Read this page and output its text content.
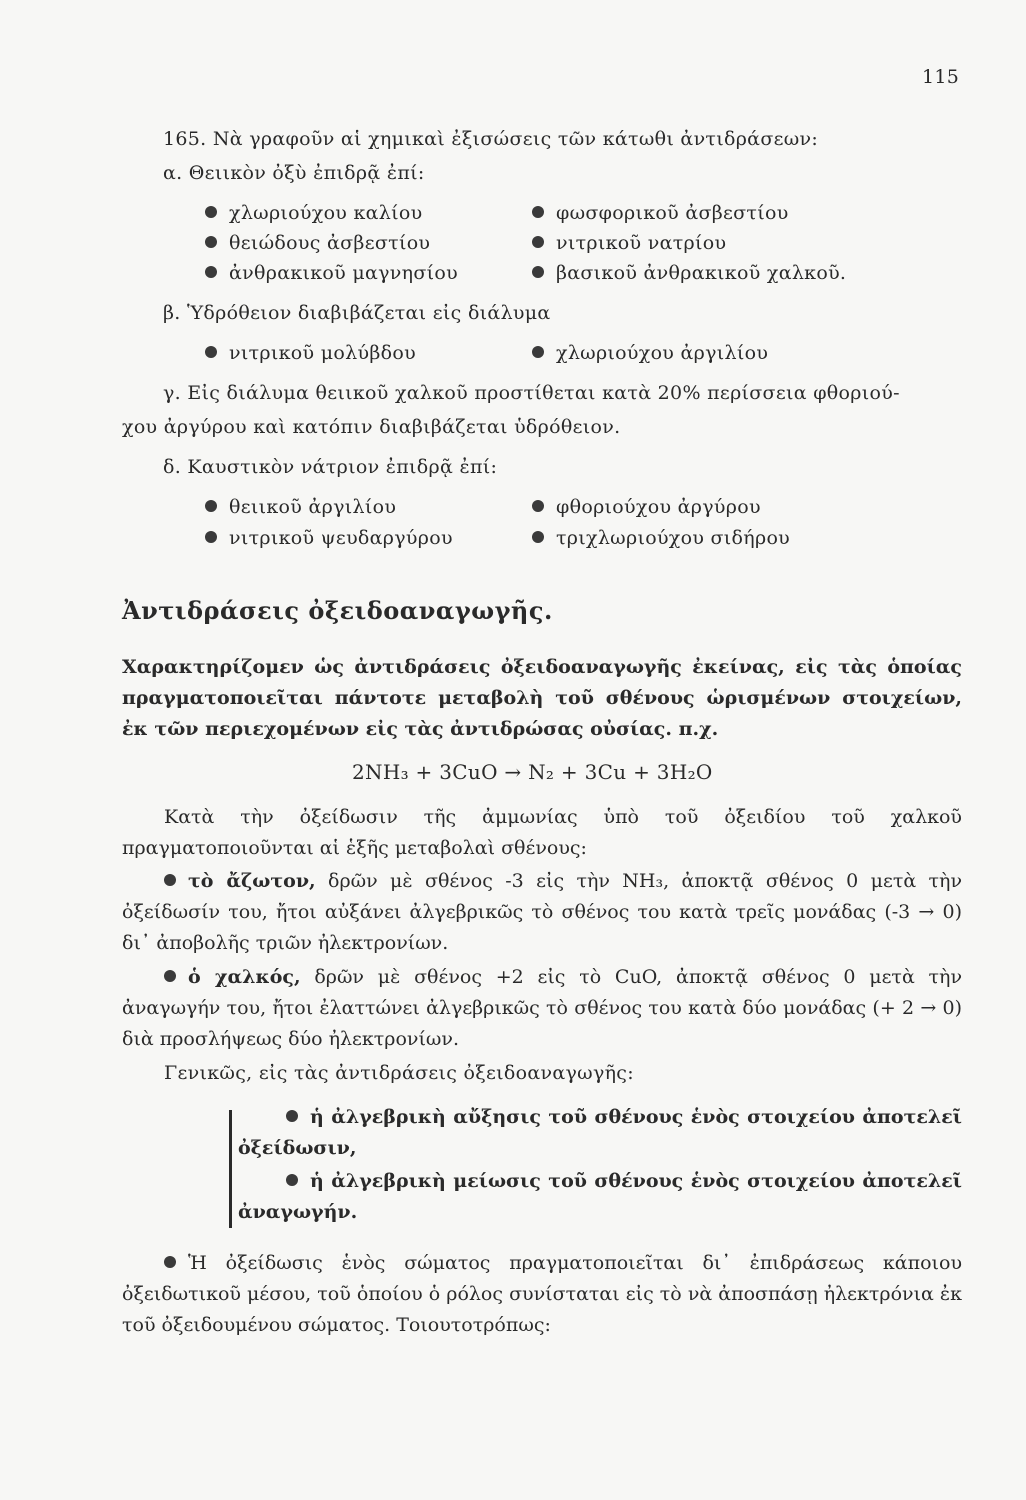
115
165. Νὰ γραφοῦν αἱ χημικαὶ ἐξισώσεις τῶν κάτωθι ἀντιδράσεων:
α. Θειικὸν ὀξὺ ἐπιδρᾷ ἐπί:
χλωριούχου καλίου
θειώδους ἀσβεστίου
ἀνθρακικοῦ μαγνησίου
φωσφορικοῦ ἀσβεστίου
νιτρικοῦ νατρίου
βασικοῦ ἀνθρακικοῦ χαλκοῦ.
β. Ὑδρόθειον διαβιβάζεται εἰς διάλυμα
νιτρικοῦ μολύβδου	χλωριούχου ἀργιλίου
γ. Εἰς διάλυμα θειικοῦ χαλκοῦ προστίθεται κατὰ 20% περίσσεια φθοριού-
χου ἀργύρου καὶ κατόπιν διαβιβάζεται ὑδρόθειον.
δ. Καυστικὸν νάτριον ἐπιδρᾷ ἐπί:
θειικοῦ ἀργιλίου
νιτρικοῦ ψευδαργύρου
φθοριούχου ἀργύρου
τριχλωριούχου σιδήρου
Ἀντιδράσεις ὀξειδοαναγωγῆς.
Χαρακτηρίζομεν ὡς ἀντιδράσεις ὀξειδοαναγωγῆς ἐκείνας, εἰς τὰς ὁποίας πραγματοποιεῖται πάντοτε μεταβολὴ τοῦ σθένους ὡρισμένων στοιχείων, ἐκ τῶν περιεχομένων εἰς τὰς ἀντιδρώσας οὐσίας. π.χ.
2NH₃ + 3CuO → N₂ + 3Cu + 3H₂O
Κατὰ τὴν ὀξείδωσιν τῆς ἀμμωνίας ὑπὸ τοῦ ὀξειδίου τοῦ χαλκοῦ πραγματοποιοῦνται αἱ ἑξῆς μεταβολαὶ σθένους:
τὸ ἄζωτον, δρῶν μὲ σθένος -3 εἰς τὴν NH₃, ἀποκτᾷ σθένος 0 μετὰ τὴν ὀξείδωσίν του, ἤτοι αὐξάνει ἀλγεβρικῶς τὸ σθένος του κατὰ τρεῖς μονάδας (-3 → 0) δι᾽ ἀποβολῆς τριῶν ἠλεκτρονίων.
ὁ χαλκός, δρῶν μὲ σθένος +2 εἰς τὸ CuO, ἀποκτᾷ σθένος 0 μετὰ τὴν ἀναγωγήν του, ἤτοι ἐλαττώνει ἀλγεβρικῶς τὸ σθένος του κατὰ δύο μονάδας (+ 2 → 0) διὰ προσλήψεως δύο ἠλεκτρονίων.
Γενικῶς, εἰς τὰς ἀντιδράσεις ὀξειδοαναγωγῆς:
ἡ ἀλγεβρικὴ αὔξησις τοῦ σθένους ἑνὸς στοιχείου ἀποτελεῖ ὀξείδωσιν,
ἡ ἀλγεβρικὴ μείωσις τοῦ σθένους ἑνὸς στοιχείου ἀποτελεῖ ἀναγωγήν.
Ἡ ὀξείδωσις ἑνὸς σώματος πραγματοποιεῖται δι᾽ ἐπιδράσεως κάποιου ὀξειδωτικοῦ μέσου, τοῦ ὁποίου ὁ ρόλος συνίσταται εἰς τὸ νὰ ἀποσπάσῃ ἠλεκτρόνια ἐκ τοῦ ὀξειδουμένου σώματος. Τοιουτοτρόπως:
